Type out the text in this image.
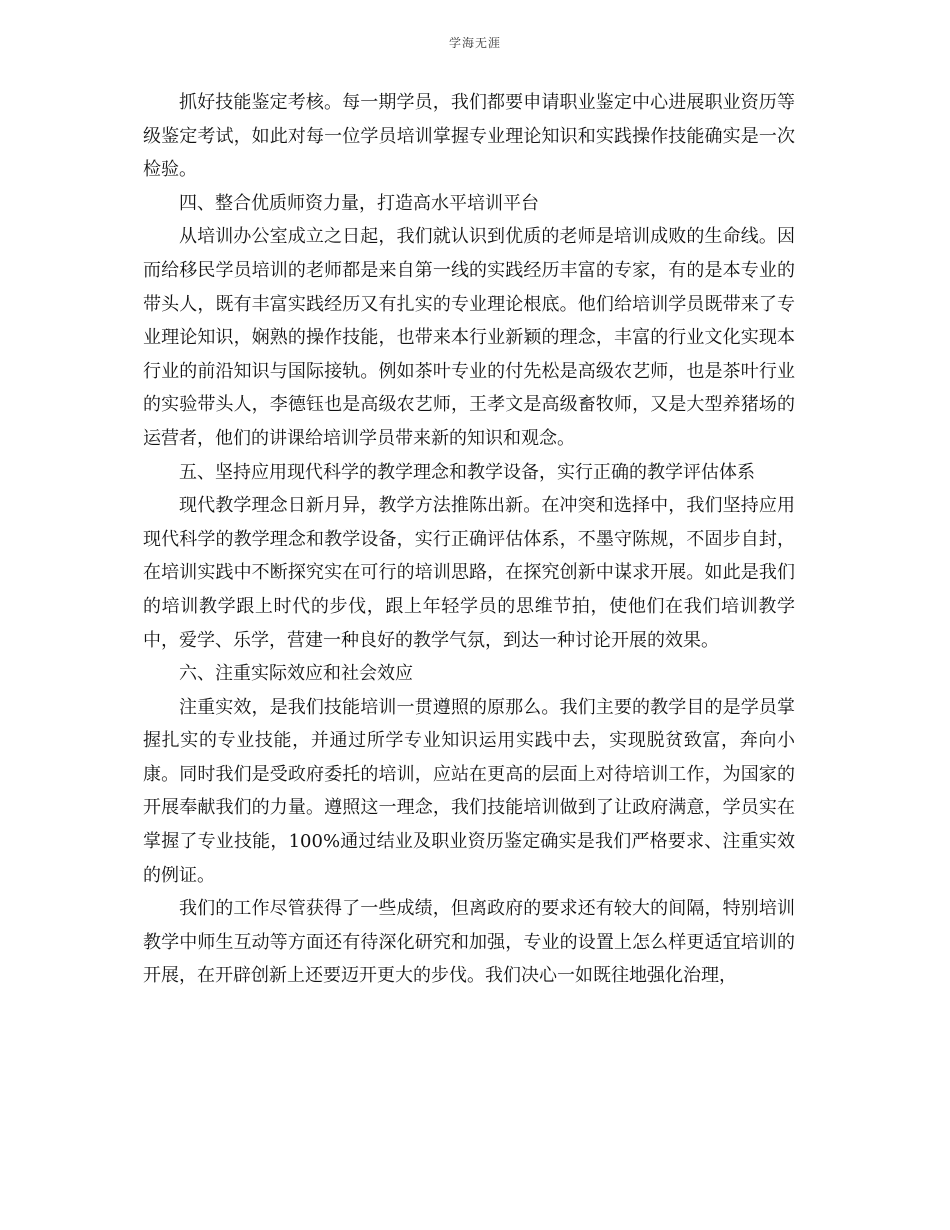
学海无涯

抓好技能鉴定考核。每一期学员，我们都要申请职业鉴定中心进展职业资历等级鉴定考试，如此对每一位学员培训掌握专业理论知识和实践操作技能确实是一次检验。

四、整合优质师资力量，打造高水平培训平台

从培训办公室成立之日起，我们就认识到优质的老师是培训成败的生命线。因而给移民学员培训的老师都是来自第一线的实践经历丰富的专家，有的是本专业的带头人，既有丰富实践经历又有扎实的专业理论根底。他们给培训学员既带来了专业理论知识，娴熟的操作技能，也带来本行业新颖的理念，丰富的行业文化实现本行业的前沿知识与国际接轨。例如茶叶专业的付先松是高级农艺师，也是茶叶行业的实验带头人，李德钰也是高级农艺师，王孝文是高级畜牧师，又是大型养猪场的运营者，他们的讲课给培训学员带来新的知识和观念。

五、坚持应用现代科学的教学理念和教学设备，实行正确的教学评估体系

现代教学理念日新月异，教学方法推陈出新。在冲突和选择中，我们坚持应用现代科学的教学理念和教学设备，实行正确评估体系，不墨守陈规，不固步自封，在培训实践中不断探究实在可行的培训思路，在探究创新中谋求开展。如此是我们的培训教学跟上时代的步伐，跟上年轻学员的思维节拍，使他们在我们培训教学中，爱学、乐学，营建一种良好的教学气氛，到达一种讨论开展的效果。

六、注重实际效应和社会效应

注重实效，是我们技能培训一贯遵照的原那么。我们主要的教学目的是学员掌握扎实的专业技能，并通过所学专业知识运用实践中去，实现脱贫致富，奔向小康。同时我们是受政府委托的培训，应站在更高的层面上对待培训工作，为国家的开展奉献我们的力量。遵照这一理念，我们技能培训做到了让政府满意，学员实在掌握了专业技能，100%通过结业及职业资历鉴定确实是我们严格要求、注重实效的例证。

我们的工作尽管获得了一些成绩，但离政府的要求还有较大的间隔，特别培训教学中师生互动等方面还有待深化研究和加强，专业的设置上怎么样更适宜培训的开展，在开辟创新上还要迈开更大的步伐。我们决心一如既往地强化治理，
